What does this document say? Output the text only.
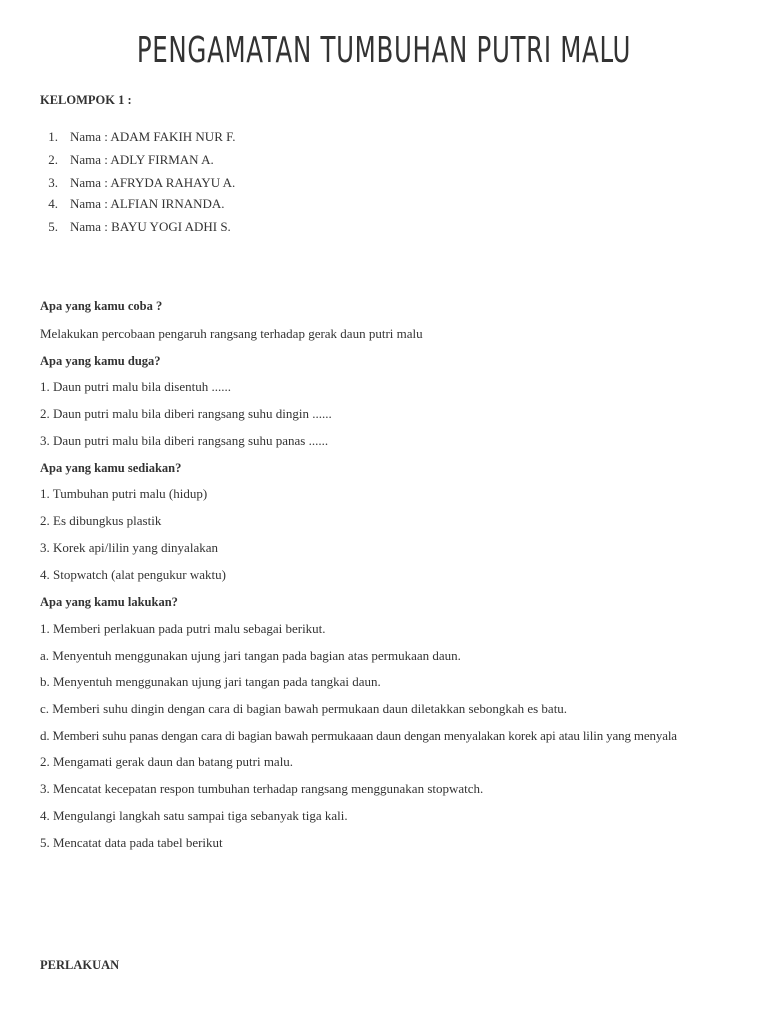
PENGAMATAN TUMBUHAN PUTRI MALU
KELOMPOK 1 :
1. Nama : ADAM FAKIH NUR F.
2. Nama : ADLY FIRMAN A.
3. Nama : AFRYDA RAHAYU A.
4. Nama : ALFIAN IRNANDA.
5. Nama : BAYU YOGI ADHI S.
Apa yang kamu coba ?
Melakukan percobaan pengaruh rangsang terhadap gerak daun putri malu
Apa yang kamu duga?
1. Daun putri malu bila disentuh ......
2. Daun putri malu bila diberi rangsang suhu dingin ......
3. Daun putri malu bila diberi rangsang suhu panas ......
Apa yang kamu sediakan?
1. Tumbuhan putri malu (hidup)
2. Es dibungkus plastik
3. Korek api/lilin yang dinyalakan
4. Stopwatch (alat pengukur waktu)
Apa yang kamu lakukan?
1. Memberi perlakuan pada putri malu sebagai berikut.
a. Menyentuh menggunakan ujung jari tangan pada bagian atas permukaan daun.
b. Menyentuh menggunakan ujung jari tangan pada tangkai daun.
c. Memberi suhu dingin dengan cara di bagian bawah permukaan daun diletakkan sebongkah es batu.
d. Memberi suhu panas dengan cara di bagian bawah permukaaan daun dengan menyalakan korek api atau lilin yang menyala
2. Mengamati gerak daun dan batang putri malu.
3. Mencatat kecepatan respon tumbuhan terhadap rangsang menggunakan stopwatch.
4. Mengulangi langkah satu sampai tiga sebanyak tiga kali.
5. Mencatat data pada tabel berikut
PERLAKUAN
